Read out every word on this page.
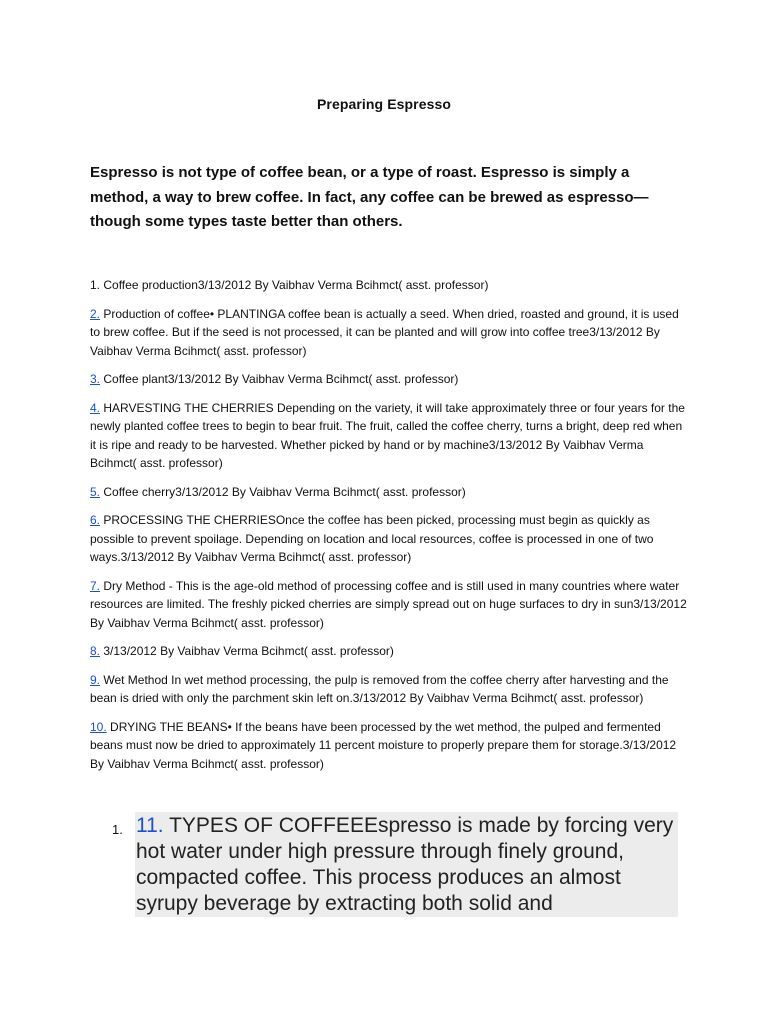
Preparing Espresso
Espresso is not type of coffee bean, or a type of roast. Espresso is simply a method, a way to brew coffee. In fact, any coffee can be brewed as espresso—though some types taste better than others.
1. Coffee production3/13/2012 By Vaibhav Verma Bcihmct( asst. professor)
2. Production of coffee• PLANTINGA coffee bean is actually a seed. When dried, roasted and ground, it is used to brew coffee. But if the seed is not processed, it can be planted and will grow into coffee tree3/13/2012 By Vaibhav Verma Bcihmct( asst. professor)
3. Coffee plant3/13/2012 By Vaibhav Verma Bcihmct( asst. professor)
4. HARVESTING THE CHERRIES Depending on the variety, it will take approximately three or four years for the newly planted coffee trees to begin to bear fruit. The fruit, called the coffee cherry, turns a bright, deep red when it is ripe and ready to be harvested. Whether picked by hand or by machine3/13/2012 By Vaibhav Verma Bcihmct( asst. professor)
5. Coffee cherry3/13/2012 By Vaibhav Verma Bcihmct( asst. professor)
6. PROCESSING THE CHERRIESOnce the coffee has been picked, processing must begin as quickly as possible to prevent spoilage. Depending on location and local resources, coffee is processed in one of two ways.3/13/2012 By Vaibhav Verma Bcihmct( asst. professor)
7. Dry Method - This is the age-old method of processing coffee and is still used in many countries where water resources are limited. The freshly picked cherries are simply spread out on huge surfaces to dry in sun3/13/2012 By Vaibhav Verma Bcihmct( asst. professor)
8. 3/13/2012 By Vaibhav Verma Bcihmct( asst. professor)
9. Wet Method In wet method processing, the pulp is removed from the coffee cherry after harvesting and the bean is dried with only the parchment skin left on.3/13/2012 By Vaibhav Verma Bcihmct( asst. professor)
10. DRYING THE BEANS• If the beans have been processed by the wet method, the pulped and fermented beans must now be dried to approximately 11 percent moisture to properly prepare them for storage.3/13/2012 By Vaibhav Verma Bcihmct( asst. professor)
1. 11. TYPES OF COFFEEEspresso is made by forcing very hot water under high pressure through finely ground, compacted coffee. This process produces an almost syrupy beverage by extracting both solid and
